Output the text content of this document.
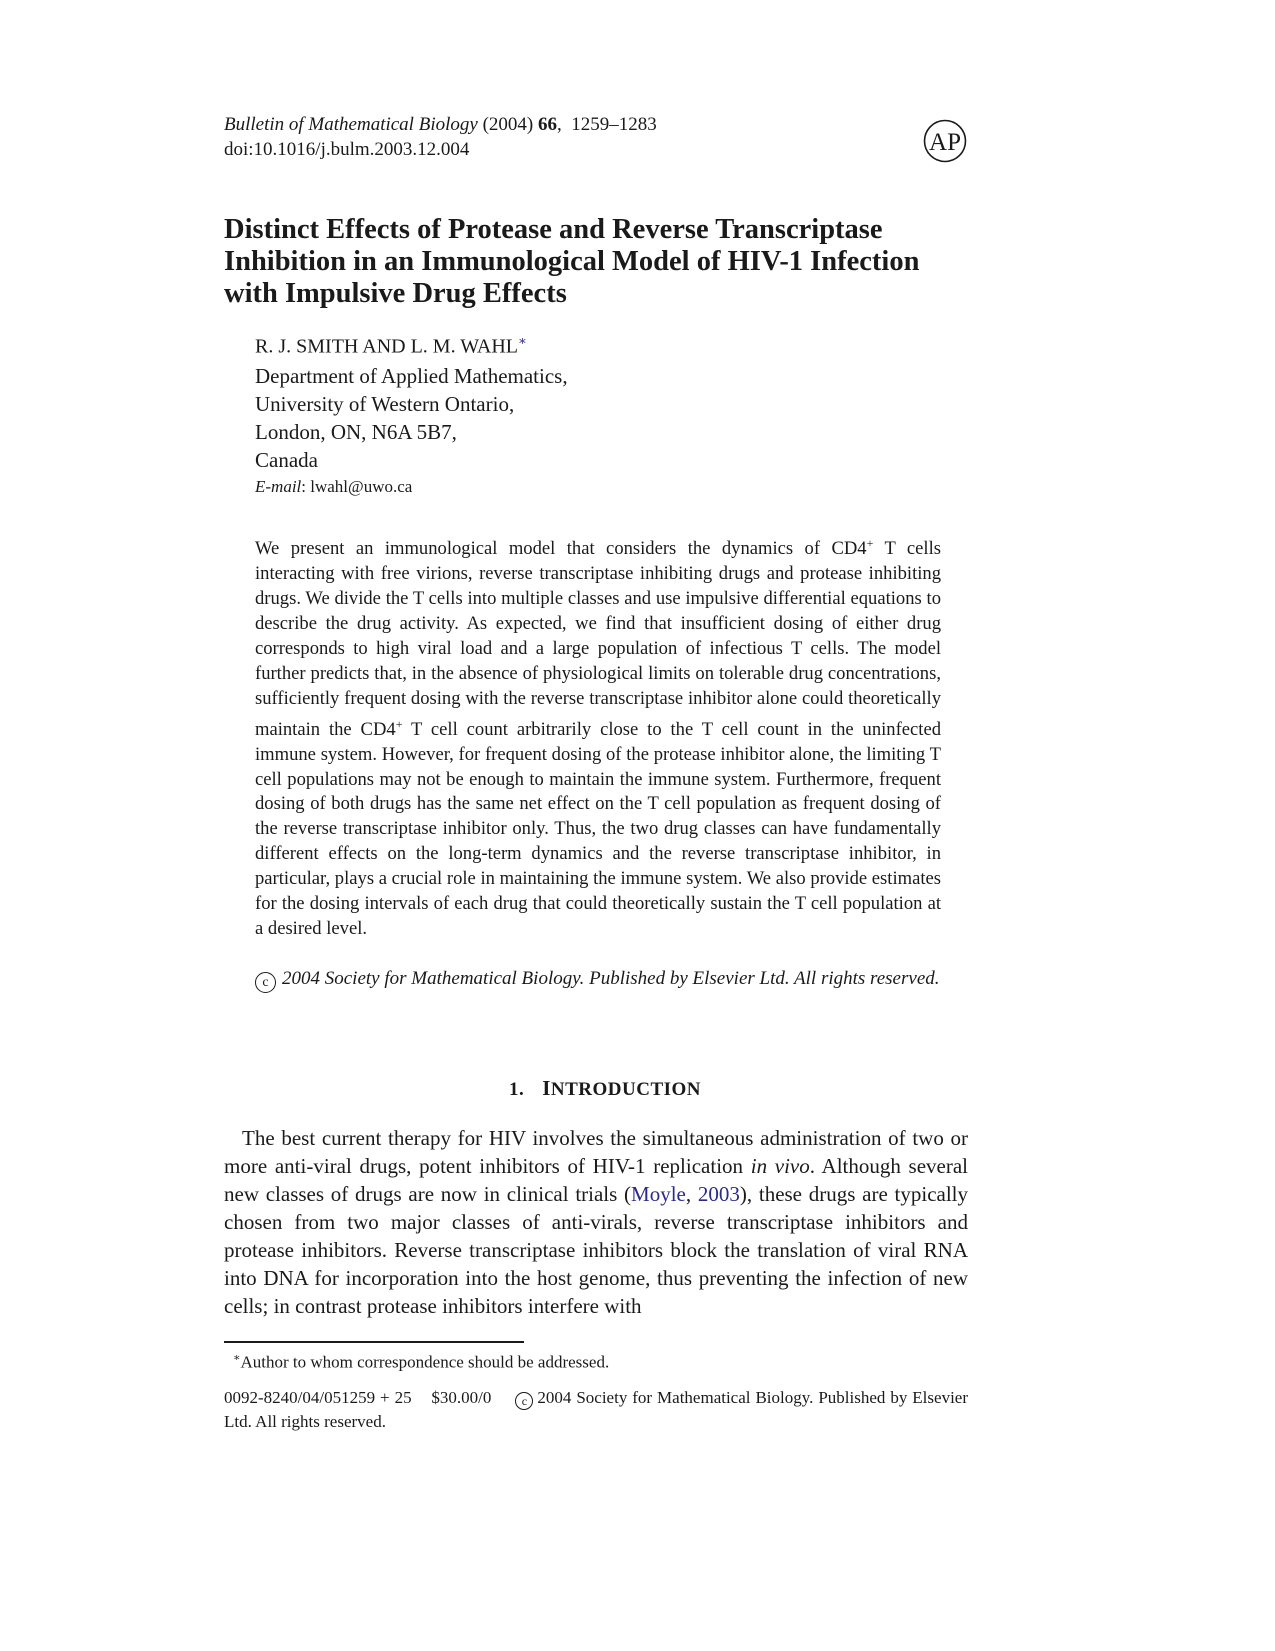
Bulletin of Mathematical Biology (2004) 66,  1259–1283
doi:10.1016/j.bulm.2003.12.004	AP
Distinct Effects of Protease and Reverse Transcriptase
Inhibition in an Immunological Model of HIV-1 Infection
with Impulsive Drug Effects
R. J. SMITH AND L. M. WAHL∗
Department of Applied Mathematics,
University of Western Ontario,
London, ON, N6A 5B7,
Canada
E-mail: lwahl@uwo.ca
We present an immunological model that considers the dynamics of CD4+ T cells interacting with free virions, reverse transcriptase inhibiting drugs and protease inhibiting drugs. We divide the T cells into multiple classes and use impulsive differential equations to describe the drug activity. As expected, we find that insufficient dosing of either drug corresponds to high viral load and a large population of infectious T cells. The model further predicts that, in the absence of physiological limits on tolerable drug concentrations, sufficiently frequent dosing with the reverse transcriptase inhibitor alone could theoretically maintain the CD4+ T cell count arbitrarily close to the T cell count in the uninfected immune system. However, for frequent dosing of the protease inhibitor alone, the limiting T cell populations may not be enough to maintain the immune system. Furthermore, frequent dosing of both drugs has the same net effect on the T cell population as frequent dosing of the reverse transcriptase inhibitor only. Thus, the two drug classes can have fundamentally different effects on the long-term dynamics and the reverse transcriptase inhibitor, in particular, plays a crucial role in maintaining the immune system. We also provide estimates for the dosing intervals of each drug that could theoretically sustain the T cell population at a desired level.
c 2004 Society for Mathematical Biology. Published by Elsevier Ltd. All rights reserved.
1. INTRODUCTION
The best current therapy for HIV involves the simultaneous administration of two or more anti-viral drugs, potent inhibitors of HIV-1 replication in vivo. Although several new classes of drugs are now in clinical trials (Moyle, 2003), these drugs are typically chosen from two major classes of anti-virals, reverse transcriptase inhibitors and protease inhibitors. Reverse transcriptase inhibitors block the translation of viral RNA into DNA for incorporation into the host genome, thus preventing the infection of new cells; in contrast protease inhibitors interfere with
∗Author to whom correspondence should be addressed.
0092-8240/04/051259 + 25    $30.00/0	c 2004 Society for Mathematical Biology. Published by Elsevier Ltd. All rights reserved.
